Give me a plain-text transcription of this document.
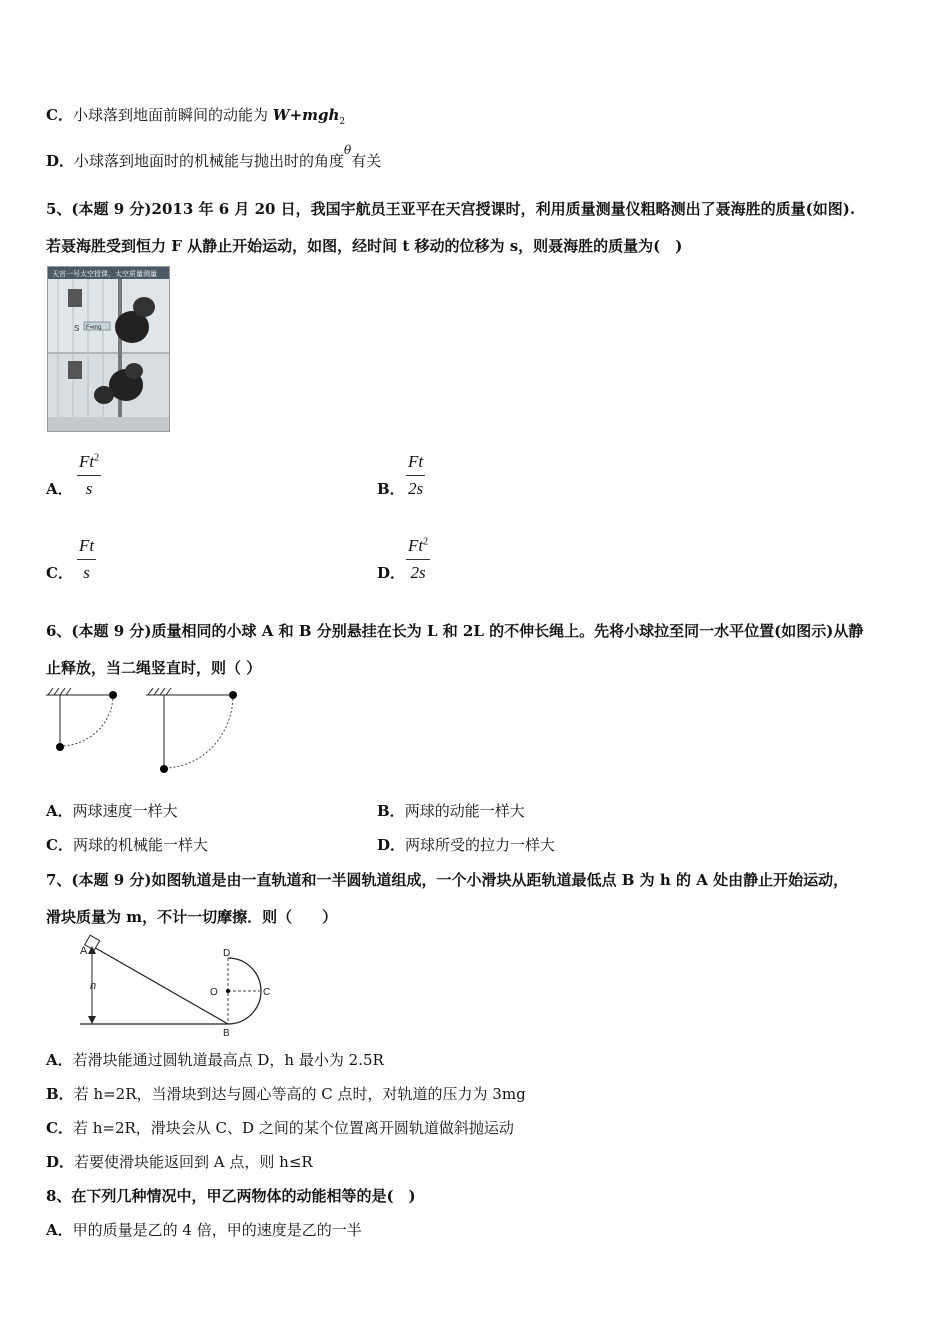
C．小球落到地面前瞬间的动能为 W+mgh$_2$
D．小球落到地面时的机械能与抛出时的角度$^\theta$有关
5、(本题 9 分)2013 年 6 月 20 日，我国宇航员王亚平在天宫授课时，利用质量测量仪粗略测出了聂海胜的质量(如图).
若聂海胜受到恒力 F 从静止开始运动，如图，经时间 t 移动的位移为 s，则聂海胜的质量为(　)
天宫一号太空授课，太空质量测量
F=mg
S
A． $\frac{Ft^2}{s}$	B． $\frac{Ft}{2s}$
C． $\frac{Ft}{s}$	D． $\frac{Ft^2}{2s}$
6、(本题 9 分)质量相同的小球 A 和 B 分别悬挂在长为 L 和 2L 的不伸长绳上。先将小球拉至同一水平位置(如图示)从静
止释放，当二绳竖直时，则（ ）
A．两球速度一样大	B．两球的动能一样大
C．两球的机械能一样大	D．两球所受的拉力一样大
7、(本题 9 分)如图轨道是由一直轨道和一半圆轨道组成，一个小滑块从距轨道最低点 B 为 h 的 A 处由静止开始运动，
滑块质量为 m，不计一切摩擦．则（　　）
A
h
B
O	C
D
A．若滑块能通过圆轨道最高点 D，h 最小为 2.5R
B．若 h=2R，当滑块到达与圆心等高的 C 点时，对轨道的压力为 3mg
C．若 h=2R，滑块会从 C、D 之间的某个位置离开圆轨道做斜抛运动
D．若要使滑块能返回到 A 点，则 h≤R
8、在下列几种情况中，甲乙两物体的动能相等的是(　)
A．甲的质量是乙的 4 倍，甲的速度是乙的一半
